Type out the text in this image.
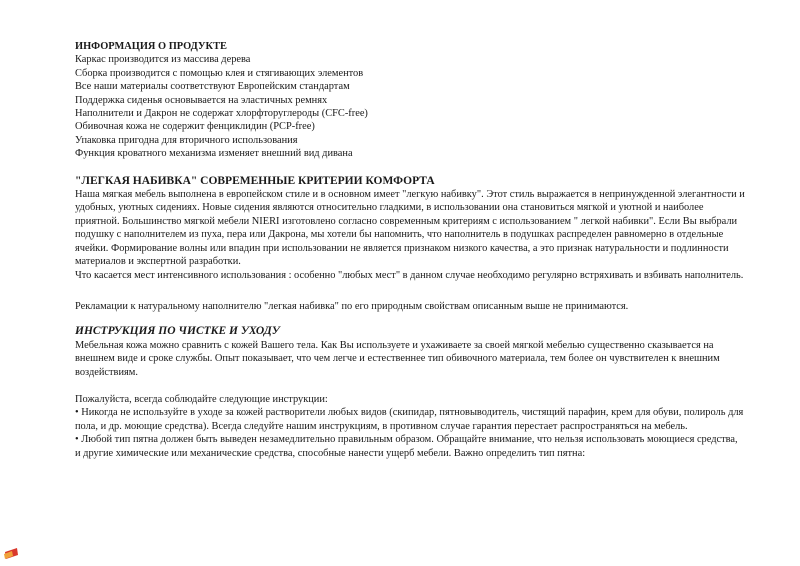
ИНФОРМАЦИЯ О ПРОДУКТЕ

Каркас производится из массива дерева

Сборка производится с помощью клея и стягивающих элементов

Все наши материалы соответствуют Европейским стандартам

Поддержка сиденья основывается на эластичных ремнях

Наполнители и Дакрон не содержат хлорфторуглероды (CFC-free)

Обивочная кожа не содержит фенциклидин (PCP-free)

Упаковка пригодна для вторичного использования

Функция кроватного механизма изменяет внешний вид дивана

"ЛЕГКАЯ НАБИВКА" СОВРЕМЕННЫЕ КРИТЕРИИ КОМФОРТА

Наша мягкая мебель выполнена в европейском стиле и в основном имеет "легкую набивку". Этот стиль выражается в непринужденной элегантности и удобных, уютных сидениях. Новые сидения являются относительно гладкими, в использовании она становиться мягкой и уютной и наиболее приятной. Большинство мягкой мебели NIERI изготовлено согласно современным критериям с использованием " легкой набивки". Если Вы выбрали подушку с наполнителем из пуха, пера или Дакрона, мы хотели бы напомнить, что наполнитель в подушках распределен равномерно в отдельные ячейки. Формирование волны или впадин при использовании не является признаком низкого качества, а это признак натуральности и подлинности материалов и экспертной разработки.

Что касается мест интенсивного использования : особенно "любых мест" в данном случае необходимо регулярно встряхивать и взбивать наполнитель.

Рекламации к натуральному наполнителю "легкая набивка" по его природным свойствам описанным выше не принимаются.

ИНСТРУКЦИЯ ПО ЧИСТКЕ И УХОДУ

Мебельная кожа можно сравнить с кожей Вашего тела. Как Вы используете и ухаживаете за своей мягкой мебелью существенно сказывается на внешнем виде и сроке службы. Опыт показывает, что чем легче и естественнее тип обивочного материала, тем более он чувствителен к внешним воздействиям.

Пожалуйста, всегда соблюдайте следующие инструкции:

• Никогда не используйте в уходе за кожей растворители любых видов (скипидар, пятновыводитель, чистящий парафин, крем для обуви, полироль для пола, и др. моющие средства). Всегда следуйте нашим инструкциям, в противном случае гарантия перестает распространяться на мебель.

• Любой тип пятна должен быть выведен незамедлительно правильным образом. Обращайте внимание, что нельзя использовать моющиеся средства, и другие химические или механические средства, способные нанести ущерб мебели. Важно определить тип пятна:
